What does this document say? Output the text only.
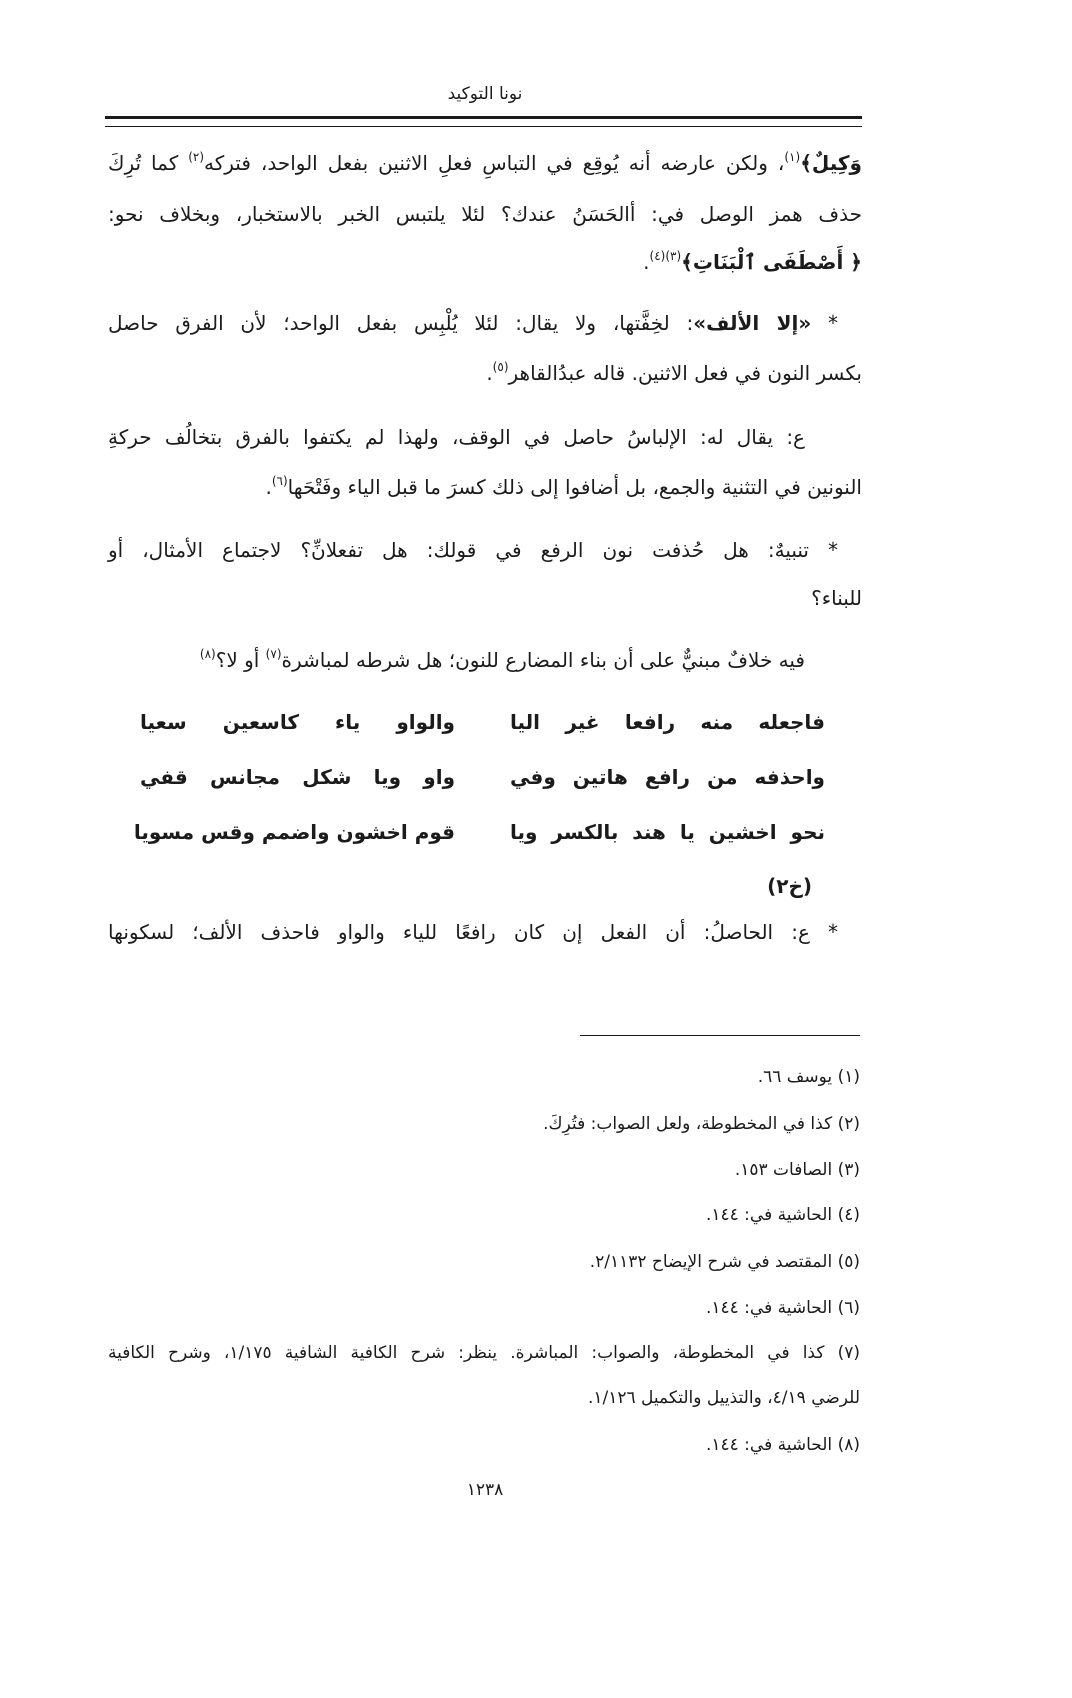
نونا التوكيد
وَكِيلٌ﴾$^{(١)}$، ولكن عارضه أنه يُوقِع في التباسِ فعلِ الاثنين بفعل الواحد، فتركه$^{(٢)}$ كما تُرِكَ
حذف همز الوصل في: أالحَسَنُ عندك؟ لئلا يلتبس الخبر بالاستخبار، وبخلاف نحو:
﴿ أَصْطَفَى ٱلْبَنَاتِ﴾$^{(٣)(٤)}$.
* «إلا الألف»: لخِفَّتها، ولا يقال: لئلا يُلْبِس بفعل الواحد؛ لأن الفرق حاصل
بكسر النون في فعل الاثنين. قاله عبدُالقاهر$^{(٥)}$.
ع: يقال له: الإلباسُ حاصل في الوقف، ولهذا لم يكتفوا بالفرق بتخالُف حركةِ
النونين في التثنية والجمع، بل أضافوا إلى ذلك كسرَ ما قبل الياء وفَتْحَها$^{(٦)}$.
* تنبيهٌ: هل حُذفت نون الرفع في قولك: هل تفعلانِّ؟ لاجتماع الأمثال، أو
للبناء؟
فيه خلافٌ مبنيٌّ على أن بناء المضارع للنون؛ هل شرطه لمباشرة$^{(٧)}$ أو لا؟$^{(٨)}$
فاجعله منه رافعا غير اليا
والواو ياء كاسعين سعيا
واحذفه من رافع هاتين وفي
واو ويا شكل مجانس قفي
نحو اخشين يا هند بالكسر ويا
قوم اخشون واضمم وقس مسويا
(خ٢)
* ع: الحاصلُ: أن الفعل إن كان رافعًا للياء والواو فاحذف الألف؛ لسكونها
(١) يوسف ٦٦.
(٢) كذا في المخطوطة، ولعل الصواب: فتُرِكَ.
(٣) الصافات ١٥٣.
(٤) الحاشية في: ١٤٤.
(٥) المقتصد في شرح الإيضاح ٢/١١٣٢.
(٦) الحاشية في: ١٤٤.
(٧) كذا في المخطوطة، والصواب: المباشرة. ينظر: شرح الكافية الشافية ١/١٧٥، وشرح الكافية
للرضي ٤/١٩، والتذييل والتكميل ١/١٢٦.
(٨) الحاشية في: ١٤٤.
١٢٣٨
